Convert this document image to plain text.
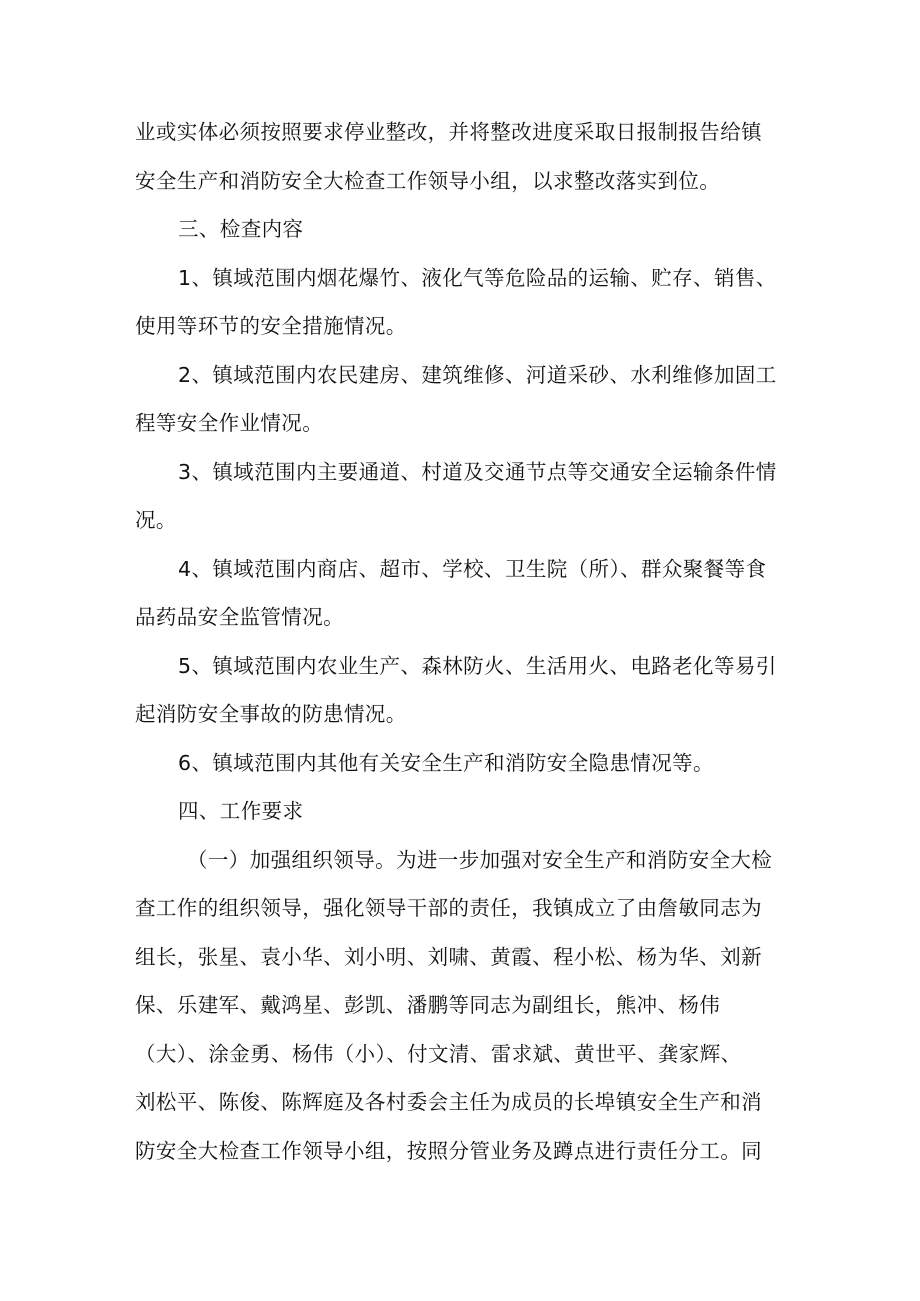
业或实体必须按照要求停业整改，并将整改进度采取日报制报告给镇
安全生产和消防安全大检查工作领导小组，以求整改落实到位。
三、检查内容
1、镇域范围内烟花爆竹、液化气等危险品的运输、贮存、销售、
使用等环节的安全措施情况。
2、镇域范围内农民建房、建筑维修、河道采砂、水利维修加固工
程等安全作业情况。
3、镇域范围内主要通道、村道及交通节点等交通安全运输条件情
况。
4、镇域范围内商店、超市、学校、卫生院（所）、群众聚餐等食
品药品安全监管情况。
5、镇域范围内农业生产、森林防火、生活用火、电路老化等易引
起消防安全事故的防患情况。
6、镇域范围内其他有关安全生产和消防安全隐患情况等。
四、工作要求
（一）加强组织领导。为进一步加强对安全生产和消防安全大检
查工作的组织领导，强化领导干部的责任，我镇成立了由詹敏同志为
组长，张星、袁小华、刘小明、刘啸、黄霞、程小松、杨为华、刘新
保、乐建军、戴鸿星、彭凯、潘鹏等同志为副组长，熊冲、杨伟
（大）、涂金勇、杨伟（小）、付文清、雷求斌、黄世平、龚家辉、
刘松平、陈俊、陈辉庭及各村委会主任为成员的长埠镇安全生产和消
防安全大检查工作领导小组，按照分管业务及蹲点进行责任分工。同
